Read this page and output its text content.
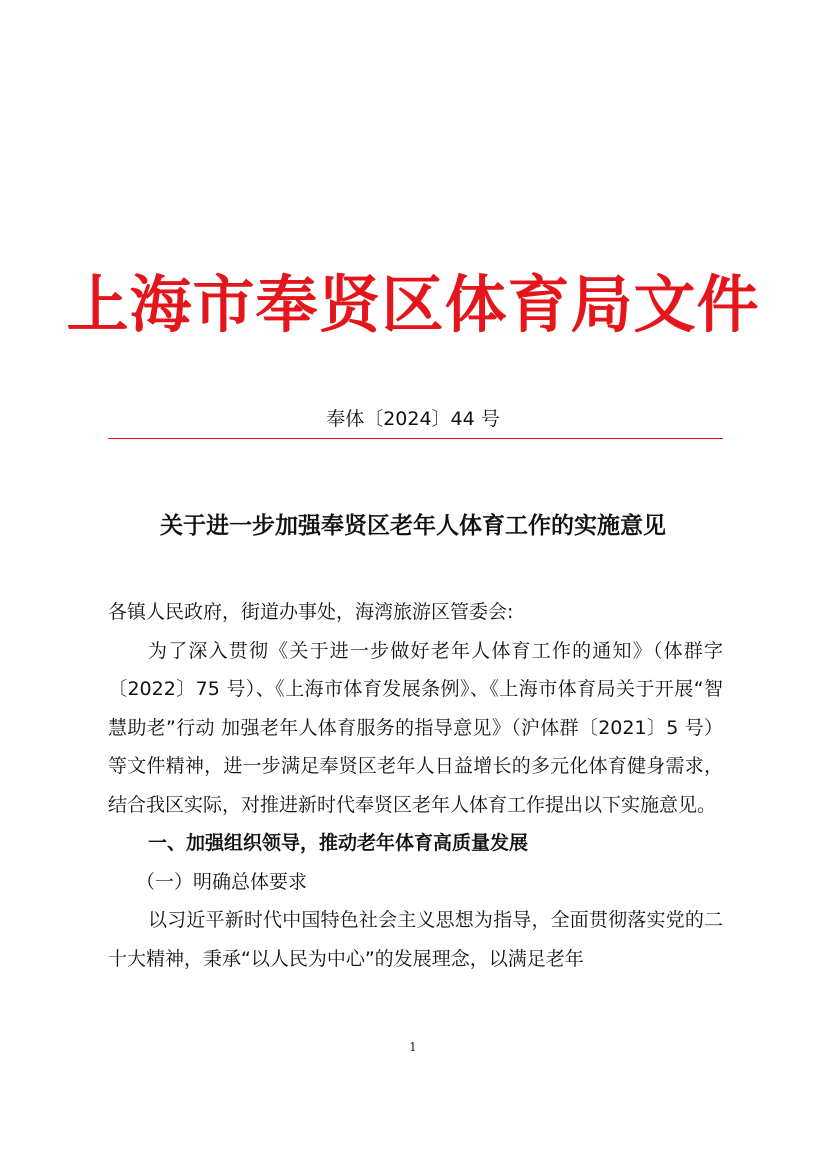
上海市奉贤区体育局文件
奉体〔2024〕44 号
关于进一步加强奉贤区老年人体育工作的实施意见

各镇人民政府，街道办事处，海湾旅游区管委会:

为了深入贯彻《关于进一步做好老年人体育工作的通知》（体群字〔2022〕75 号）、《上海市体育发展条例》、《上海市体育局关于开展“智慧助老”行动 加强老年人体育服务的指导意见》（沪体群〔2021〕5 号）等文件精神，进一步满足奉贤区老年人日益增长的多元化体育健身需求，结合我区实际，对推进新时代奉贤区老年人体育工作提出以下实施意见。

一、加强组织领导，推动老年体育高质量发展

（一）明确总体要求

以习近平新时代中国特色社会主义思想为指导，全面贯彻落实党的二十大精神，秉承“以人民为中心”的发展理念，以满足老年

1
